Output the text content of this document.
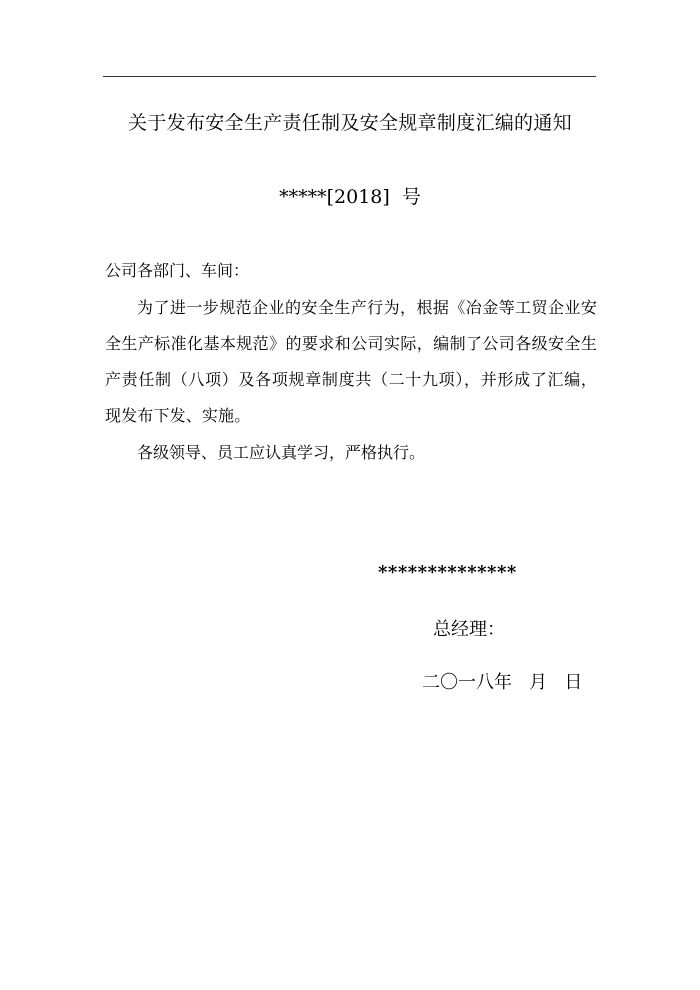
关于发布安全生产责任制及安全规章制度汇编的通知
*****[2018]  号
公司各部门、车间：
为了进一步规范企业的安全生产行为，根据《冶金等工贸企业安全生产标准化基本规范》的要求和公司实际，编制了公司各级安全生产责任制（八项）及各项规章制度共（二十九项），并形成了汇编，现发布下发、实施。
各级领导、员工应认真学习，严格执行。
**************
总经理：
二〇一八年   月   日
